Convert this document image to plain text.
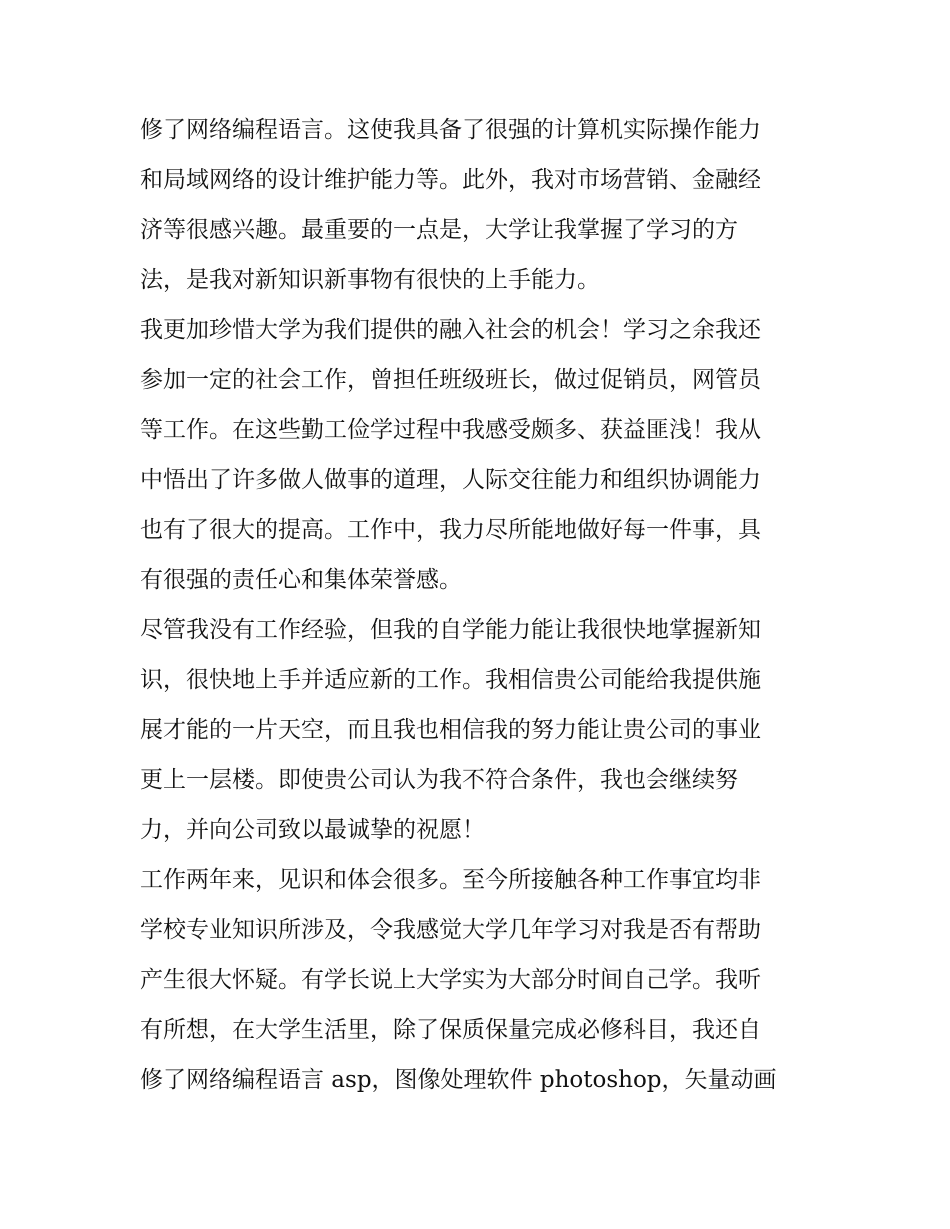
修了网络编程语言。这使我具备了很强的计算机实际操作能力
和局域网络的设计维护能力等。此外，我对市场营销、金融经
济等很感兴趣。最重要的一点是，大学让我掌握了学习的方
法，是我对新知识新事物有很快的上手能力。
我更加珍惜大学为我们提供的融入社会的机会！学习之余我还
参加一定的社会工作，曾担任班级班长，做过促销员，网管员
等工作。在这些勤工俭学过程中我感受颇多、获益匪浅！我从
中悟出了许多做人做事的道理，人际交往能力和组织协调能力
也有了很大的提高。工作中，我力尽所能地做好每一件事，具
有很强的责任心和集体荣誉感。
尽管我没有工作经验，但我的自学能力能让我很快地掌握新知
识，很快地上手并适应新的工作。我相信贵公司能给我提供施
展才能的一片天空，而且我也相信我的努力能让贵公司的事业
更上一层楼。即使贵公司认为我不符合条件，我也会继续努
力，并向公司致以最诚挚的祝愿！
工作两年来，见识和体会很多。至今所接触各种工作事宜均非
学校专业知识所涉及，令我感觉大学几年学习对我是否有帮助
产生很大怀疑。有学长说上大学实为大部分时间自己学。我听
有所想，在大学生活里，除了保质保量完成必修科目，我还自
修了网络编程语言 asp，图像处理软件 photoshop，矢量动画
